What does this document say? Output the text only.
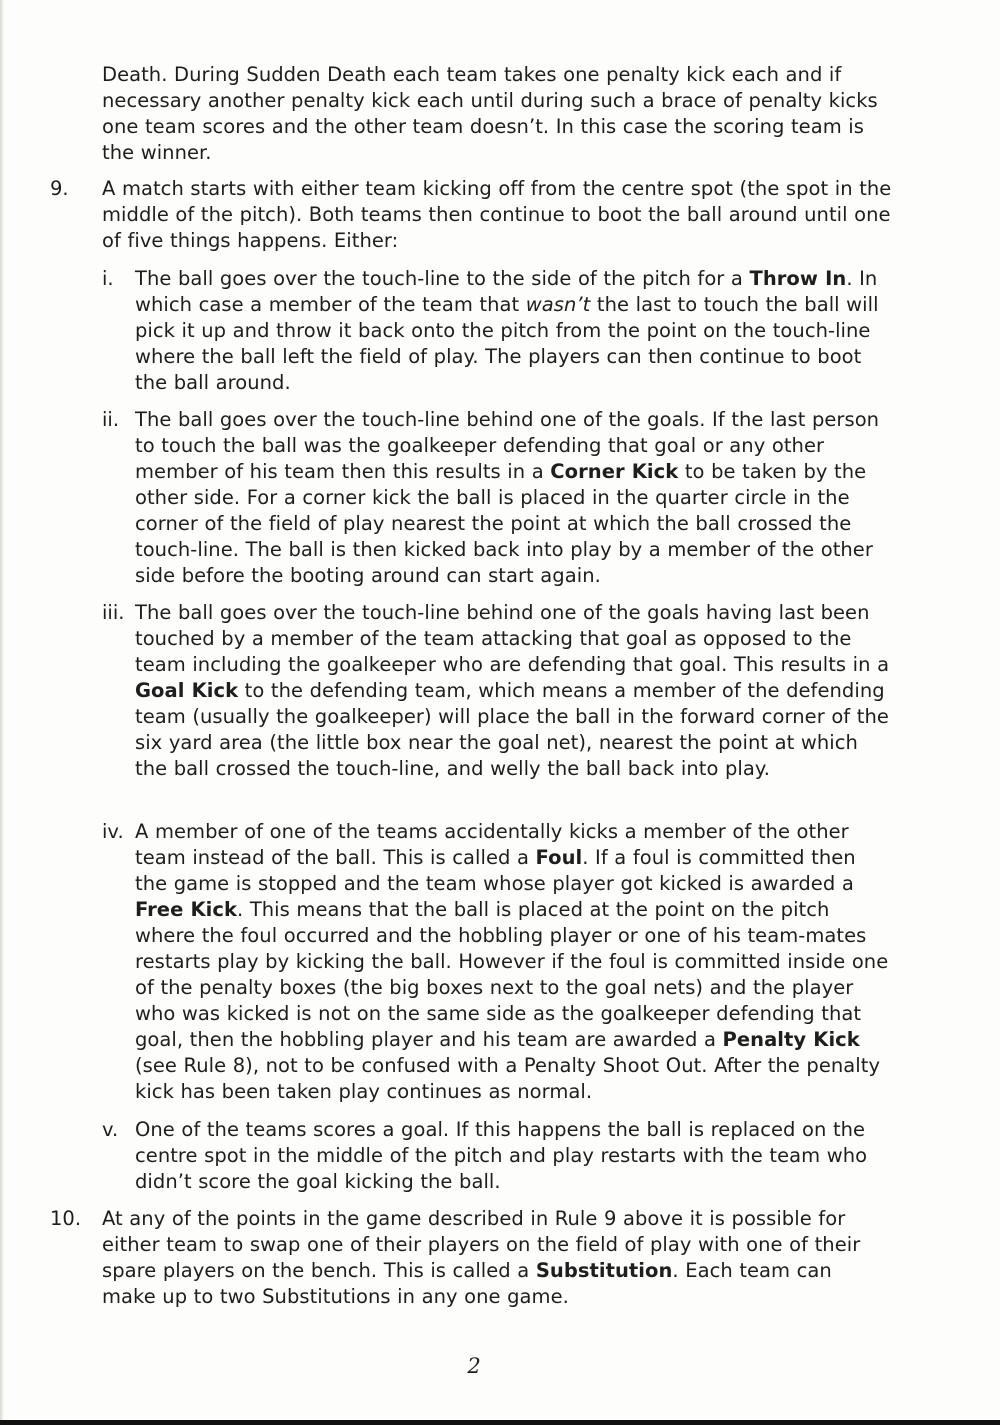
Death. During Sudden Death each team takes one penalty kick each and if necessary another penalty kick each until during such a brace of penalty kicks one team scores and the other team doesn’t. In this case the scoring team is the winner.

9. A match starts with either team kicking off from the centre spot (the spot in the middle of the pitch). Both teams then continue to boot the ball around until one of five things happens. Either:

i. The ball goes over the touch-line to the side of the pitch for a Throw In. In which case a member of the team that wasn’t the last to touch the ball will pick it up and throw it back onto the pitch from the point on the touch-line where the ball left the field of play. The players can then continue to boot the ball around.

ii. The ball goes over the touch-line behind one of the goals. If the last person to touch the ball was the goalkeeper defending that goal or any other member of his team then this results in a Corner Kick to be taken by the other side. For a corner kick the ball is placed in the quarter circle in the corner of the field of play nearest the point at which the ball crossed the touch-line. The ball is then kicked back into play by a member of the other side before the booting around can start again.

iii. The ball goes over the touch-line behind one of the goals having last been touched by a member of the team attacking that goal as opposed to the team including the goalkeeper who are defending that goal. This results in a Goal Kick to the defending team, which means a member of the defending team (usually the goalkeeper) will place the ball in the forward corner of the six yard area (the little box near the goal net), nearest the point at which the ball crossed the touch-line, and welly the ball back into play.

iv. A member of one of the teams accidentally kicks a member of the other team instead of the ball. This is called a Foul. If a foul is committed then the game is stopped and the team whose player got kicked is awarded a Free Kick. This means that the ball is placed at the point on the pitch where the foul occurred and the hobbling player or one of his team-mates restarts play by kicking the ball. However if the foul is committed inside one of the penalty boxes (the big boxes next to the goal nets) and the player who was kicked is not on the same side as the goalkeeper defending that goal, then the hobbling player and his team are awarded a Penalty Kick (see Rule 8), not to be confused with a Penalty Shoot Out. After the penalty kick has been taken play continues as normal.

v. One of the teams scores a goal. If this happens the ball is replaced on the centre spot in the middle of the pitch and play restarts with the team who didn’t score the goal kicking the ball.

10. At any of the points in the game described in Rule 9 above it is possible for either team to swap one of their players on the field of play with one of their spare players on the bench. This is called a Substitution. Each team can make up to two Substitutions in any one game.

2
